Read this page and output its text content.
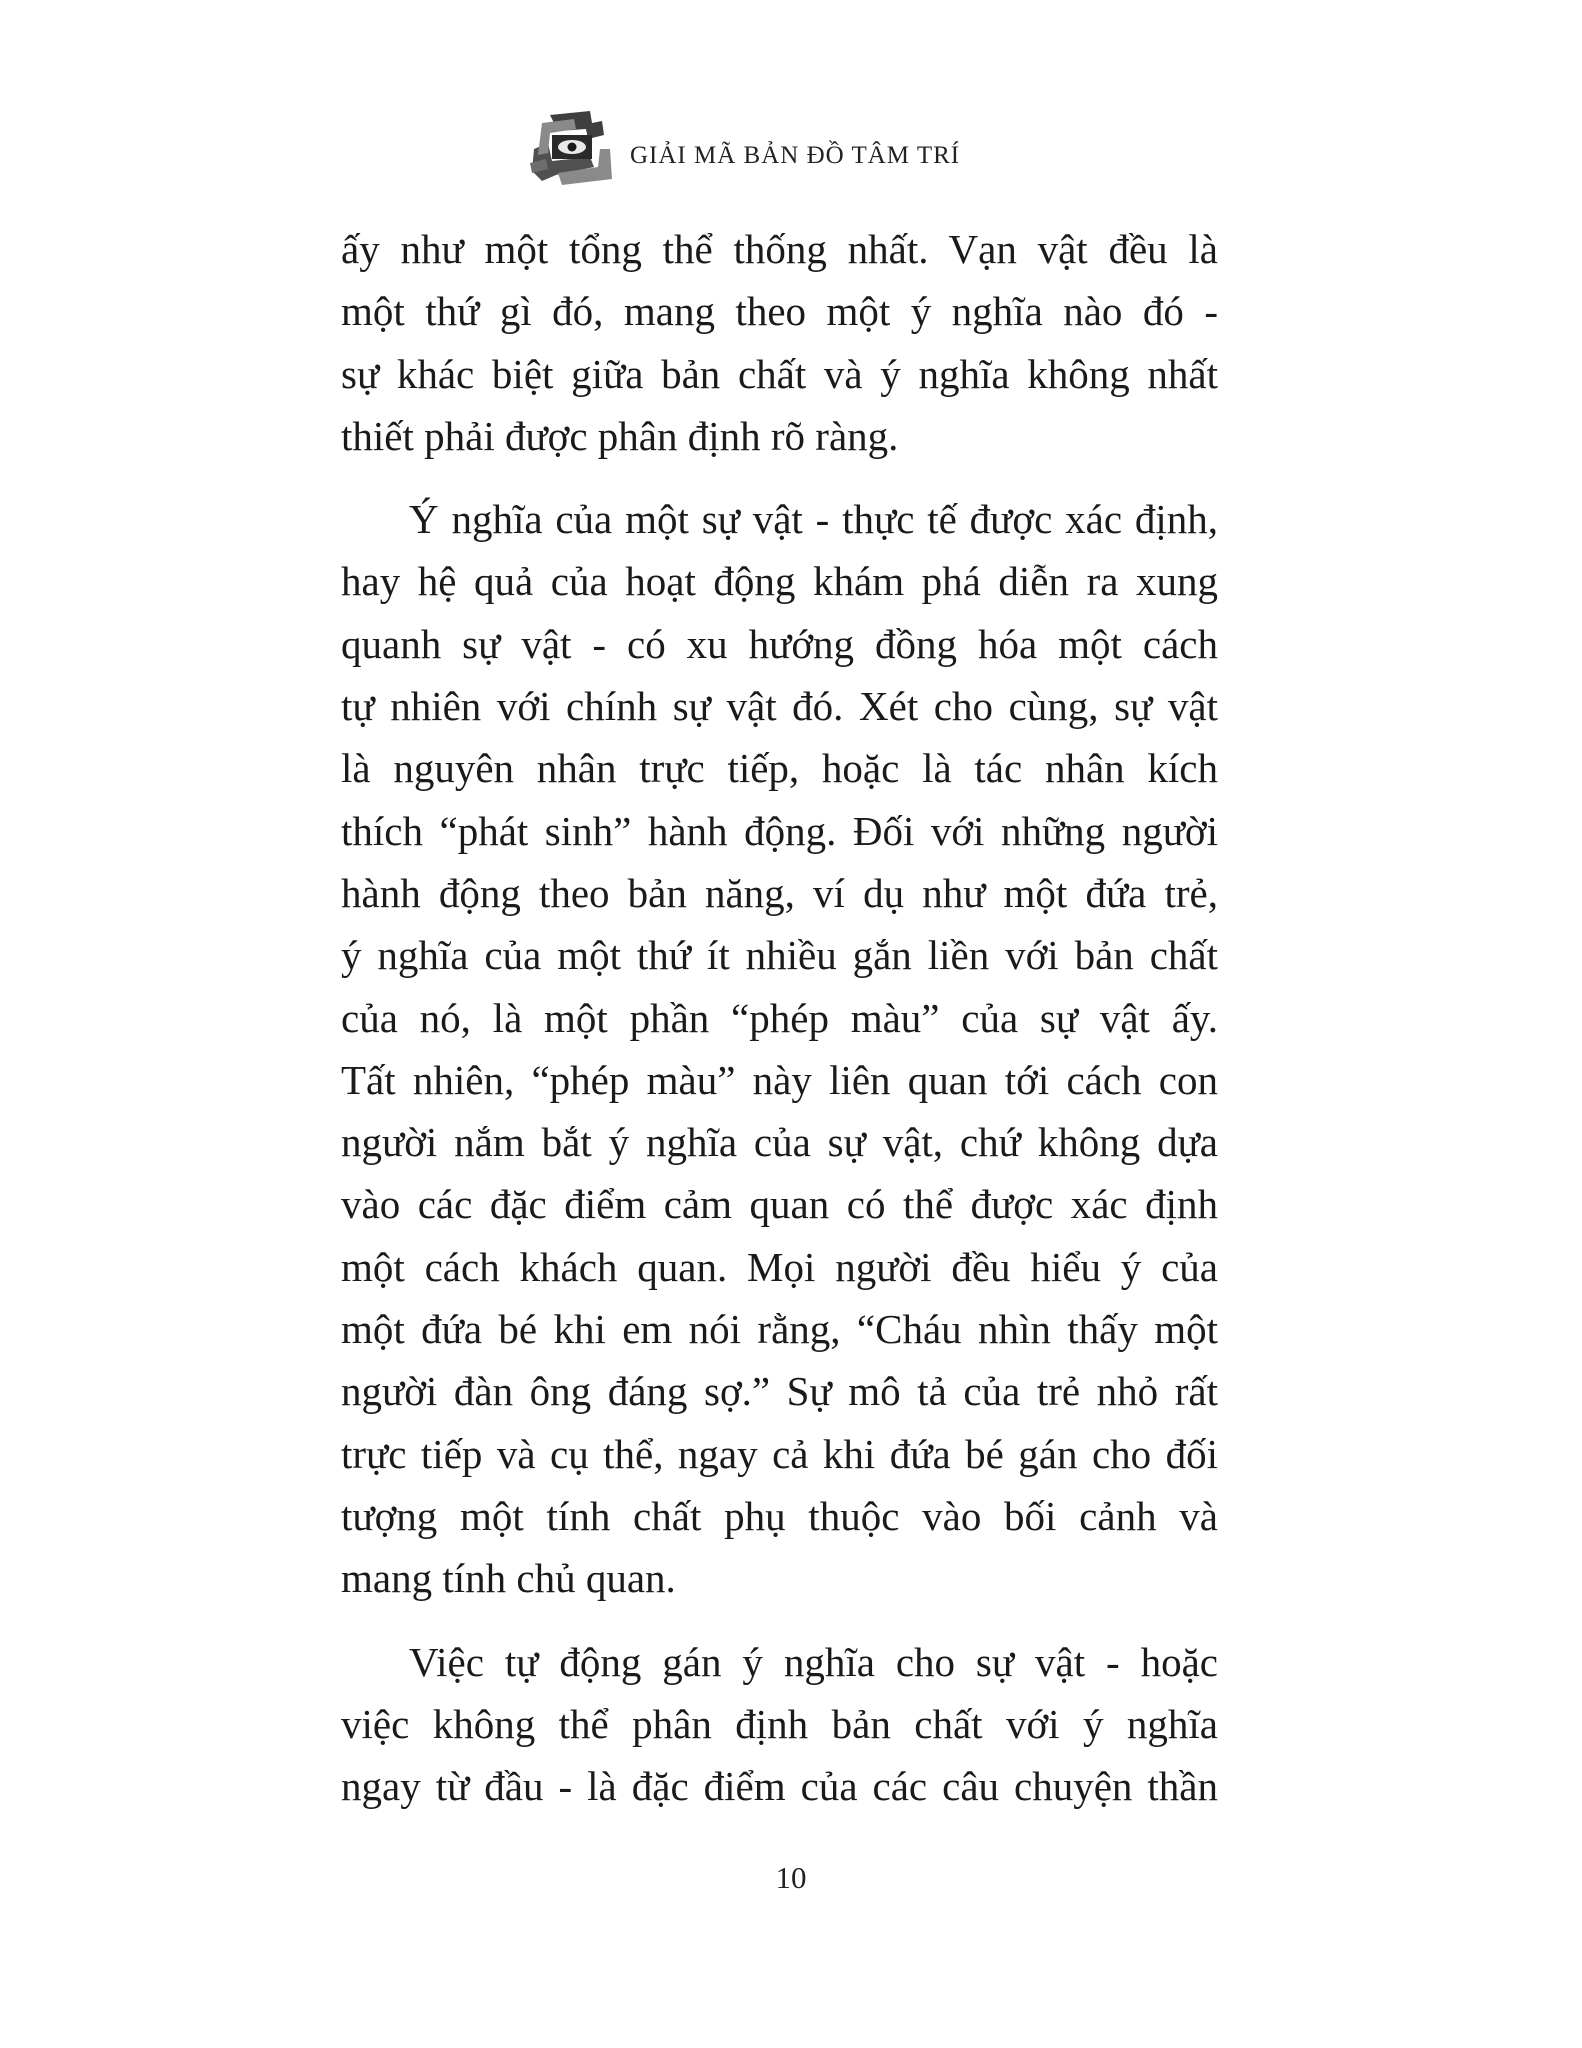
GIẢI MÃ BẢN ĐỒ TÂM TRÍ
ấy như một tổng thể thống nhất. Vạn vật đều là
một thứ gì đó, mang theo một ý nghĩa nào đó -
sự khác biệt giữa bản chất và ý nghĩa không nhất
thiết phải được phân định rõ ràng.
Ý nghĩa của một sự vật - thực tế được xác định,
hay hệ quả của hoạt động khám phá diễn ra xung
quanh sự vật - có xu hướng đồng hóa một cách
tự nhiên với chính sự vật đó. Xét cho cùng, sự vật
là nguyên nhân trực tiếp, hoặc là tác nhân kích
thích “phát sinh” hành động. Đối với những người
hành động theo bản năng, ví dụ như một đứa trẻ,
ý nghĩa của một thứ ít nhiều gắn liền với bản chất
của nó, là một phần “phép màu” của sự vật ấy.
Tất nhiên, “phép màu” này liên quan tới cách con
người nắm bắt ý nghĩa của sự vật, chứ không dựa
vào các đặc điểm cảm quan có thể được xác định
một cách khách quan. Mọi người đều hiểu ý của
một đứa bé khi em nói rằng, “Cháu nhìn thấy một
người đàn ông đáng sợ.” Sự mô tả của trẻ nhỏ rất
trực tiếp và cụ thể, ngay cả khi đứa bé gán cho đối
tượng một tính chất phụ thuộc vào bối cảnh và
mang tính chủ quan.
Việc tự động gán ý nghĩa cho sự vật - hoặc
việc không thể phân định bản chất với ý nghĩa
ngay từ đầu - là đặc điểm của các câu chuyện thần
10
